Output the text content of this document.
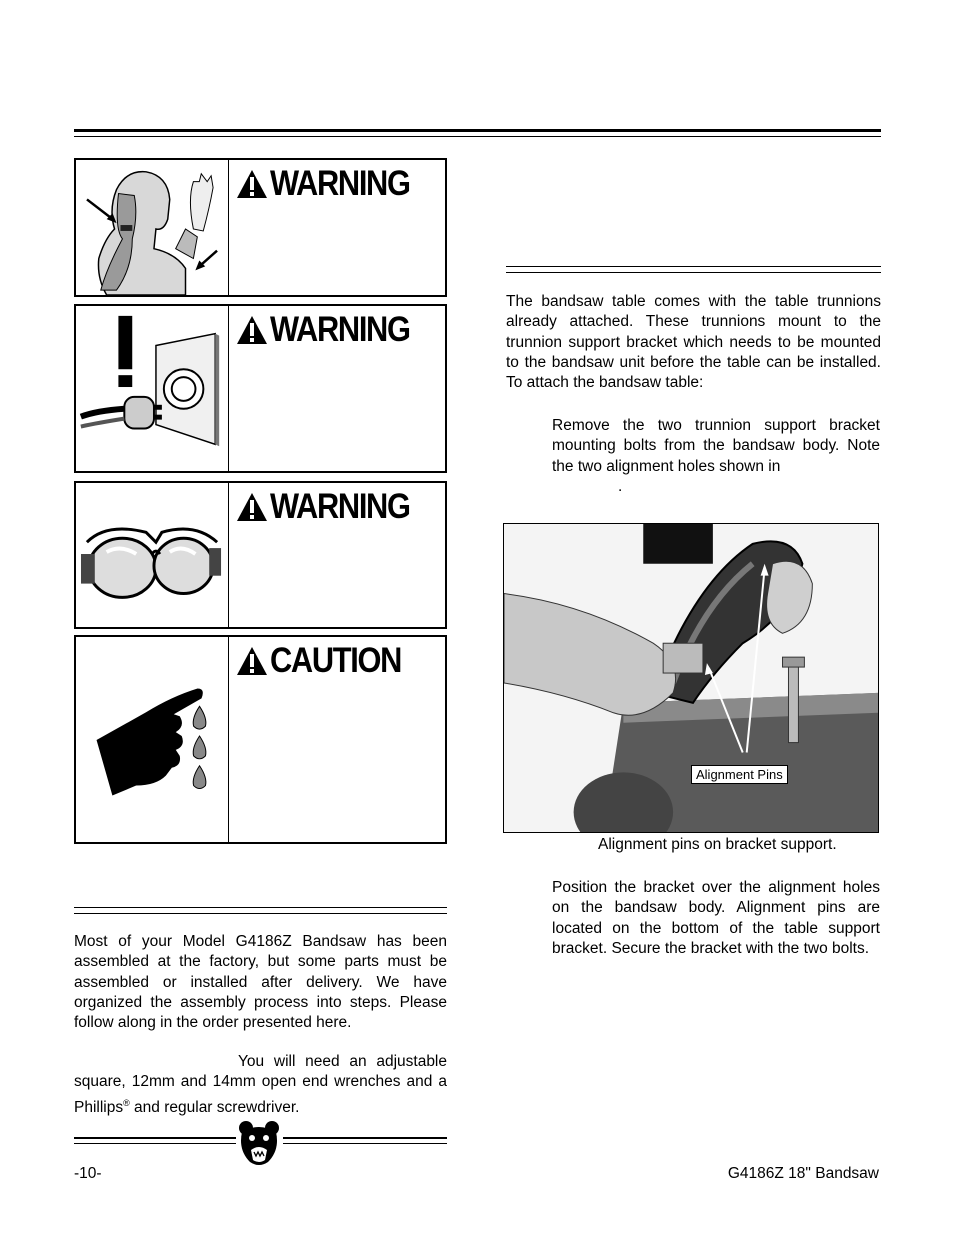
WARNING
WARNING
WARNING
CAUTION
Most of your Model G4186Z Bandsaw has been assembled at the factory, but some parts must be assembled or installed after delivery. We have organized the assembly process into steps. Please follow along in the order presented here.
You will need an adjustable square, 12mm and 14mm open end wrenches and a Phillips® and regular screwdriver.
The bandsaw table comes with the table trunnions already attached. These trunnions mount to the trunnion support bracket which needs to be mounted to the bandsaw unit before the table can be installed. To attach the bandsaw table:
Remove the two trunnion support bracket mounting bolts from the bandsaw body. Note the two alignment holes shown in
.
Alignment Pins
Alignment pins on bracket support.
Position the bracket over the alignment holes on the bandsaw body. Alignment pins are located on the bottom of the table support bracket. Secure the bracket with the two bolts.
-10-	G4186Z 18" Bandsaw
